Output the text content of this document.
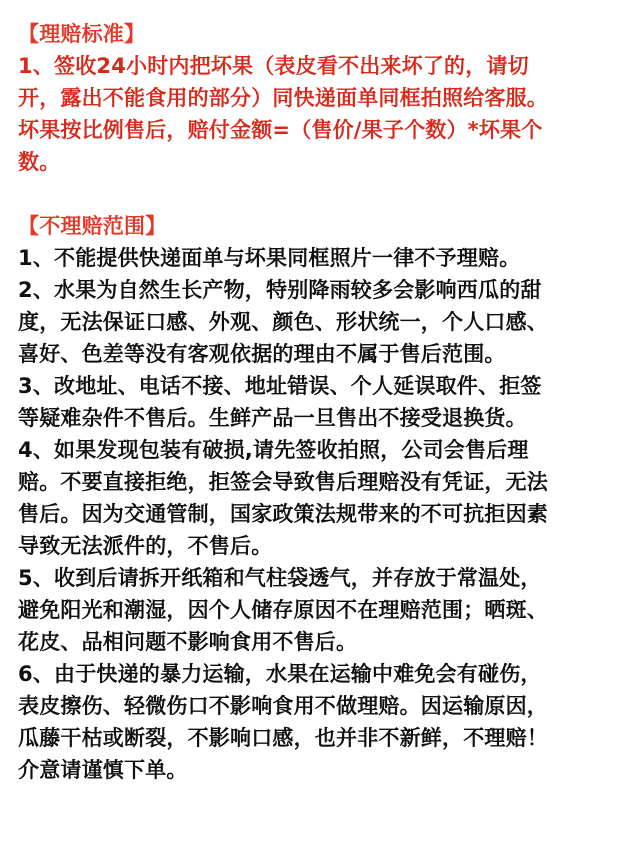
【理赔标准】
1、签收24小时内把坏果（表皮看不出来坏了的，请切
开，露出不能食用的部分）同快递面单同框拍照给客服。
坏果按比例售后，赔付金额=（售价/果子个数）*坏果个
数。
【不理赔范围】
1、不能提供快递面单与坏果同框照片一律不予理赔。
2、水果为自然生长产物，特别降雨较多会影响西瓜的甜
度，无法保证口感、外观、颜色、形状统一，个人口感、
喜好、色差等没有客观依据的理由不属于售后范围。
3、改地址、电话不接、地址错误、个人延误取件、拒签
等疑难杂件不售后。生鲜产品一旦售出不接受退换货。
4、如果发现包装有破损,请先签收拍照，公司会售后理
赔。不要直接拒绝，拒签会导致售后理赔没有凭证，无法
售后。因为交通管制，国家政策法规带来的不可抗拒因素
导致无法派件的，不售后。
5、收到后请拆开纸箱和气柱袋透气，并存放于常温处，
避免阳光和潮湿，因个人储存原因不在理赔范围；晒斑、
花皮、品相问题不影响食用不售后。
6、由于快递的暴力运输，水果在运输中难免会有碰伤，
表皮擦伤、轻微伤口不影响食用不做理赔。因运输原因，
瓜藤干枯或断裂，不影响口感，也并非不新鲜，不理赔！
介意请谨慎下单。
